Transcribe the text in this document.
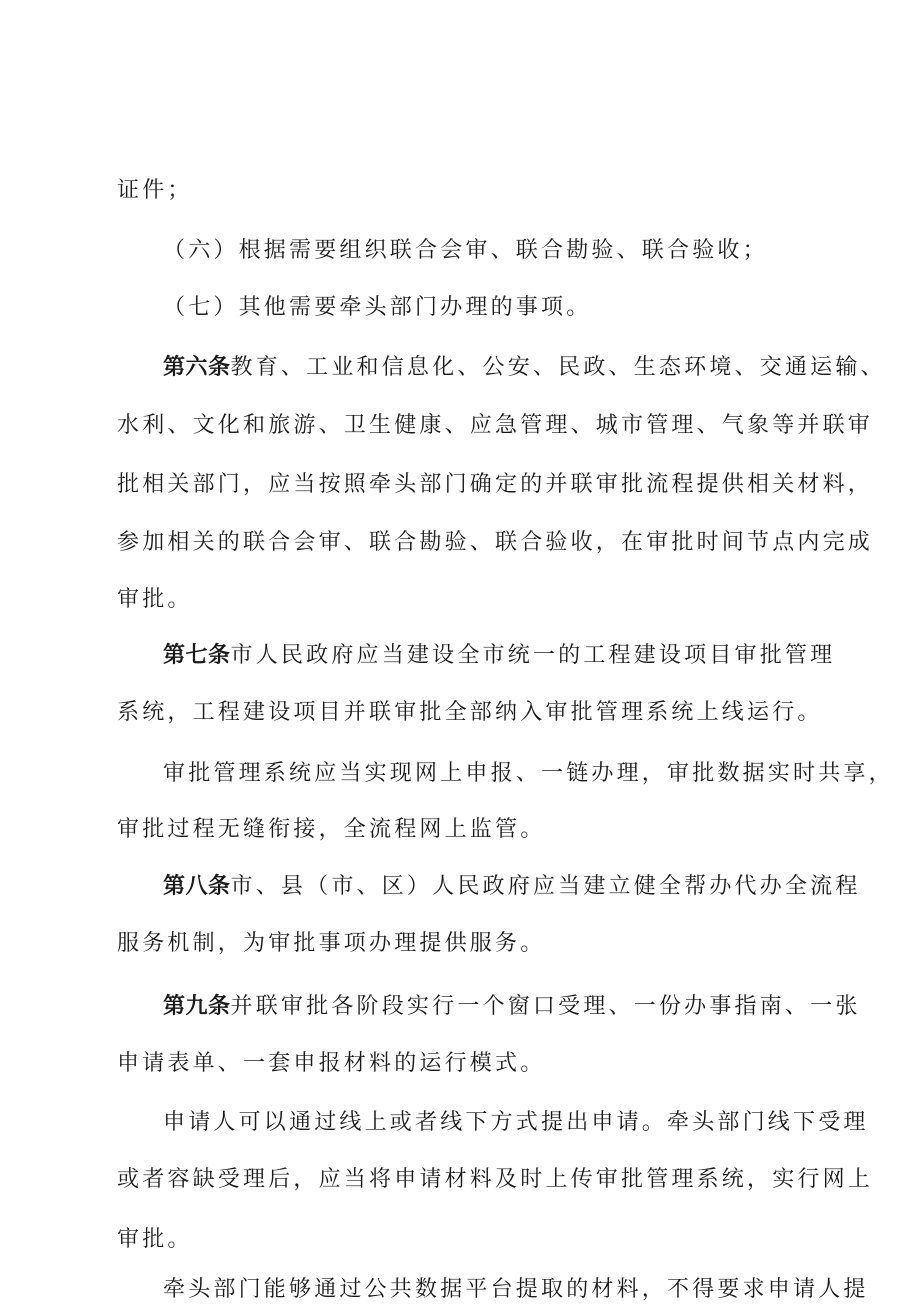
证件；
（六）根据需要组织联合会审、联合勘验、联合验收；
（七）其他需要牵头部门办理的事项。
第六条教育、工业和信息化、公安、民政、生态环境、交通运输、
水利、文化和旅游、卫生健康、应急管理、城市管理、气象等并联审
批相关部门，应当按照牵头部门确定的并联审批流程提供相关材料，
参加相关的联合会审、联合勘验、联合验收，在审批时间节点内完成
审批。
第七条市人民政府应当建设全市统一的工程建设项目审批管理
系统，工程建设项目并联审批全部纳入审批管理系统上线运行。
审批管理系统应当实现网上申报、一链办理，审批数据实时共享，
审批过程无缝衔接，全流程网上监管。
第八条市、县（市、区）人民政府应当建立健全帮办代办全流程
服务机制，为审批事项办理提供服务。
第九条并联审批各阶段实行一个窗口受理、一份办事指南、一张
申请表单、一套申报材料的运行模式。
申请人可以通过线上或者线下方式提出申请。牵头部门线下受理
或者容缺受理后，应当将申请材料及时上传审批管理系统，实行网上
审批。
牵头部门能够通过公共数据平台提取的材料，不得要求申请人提
